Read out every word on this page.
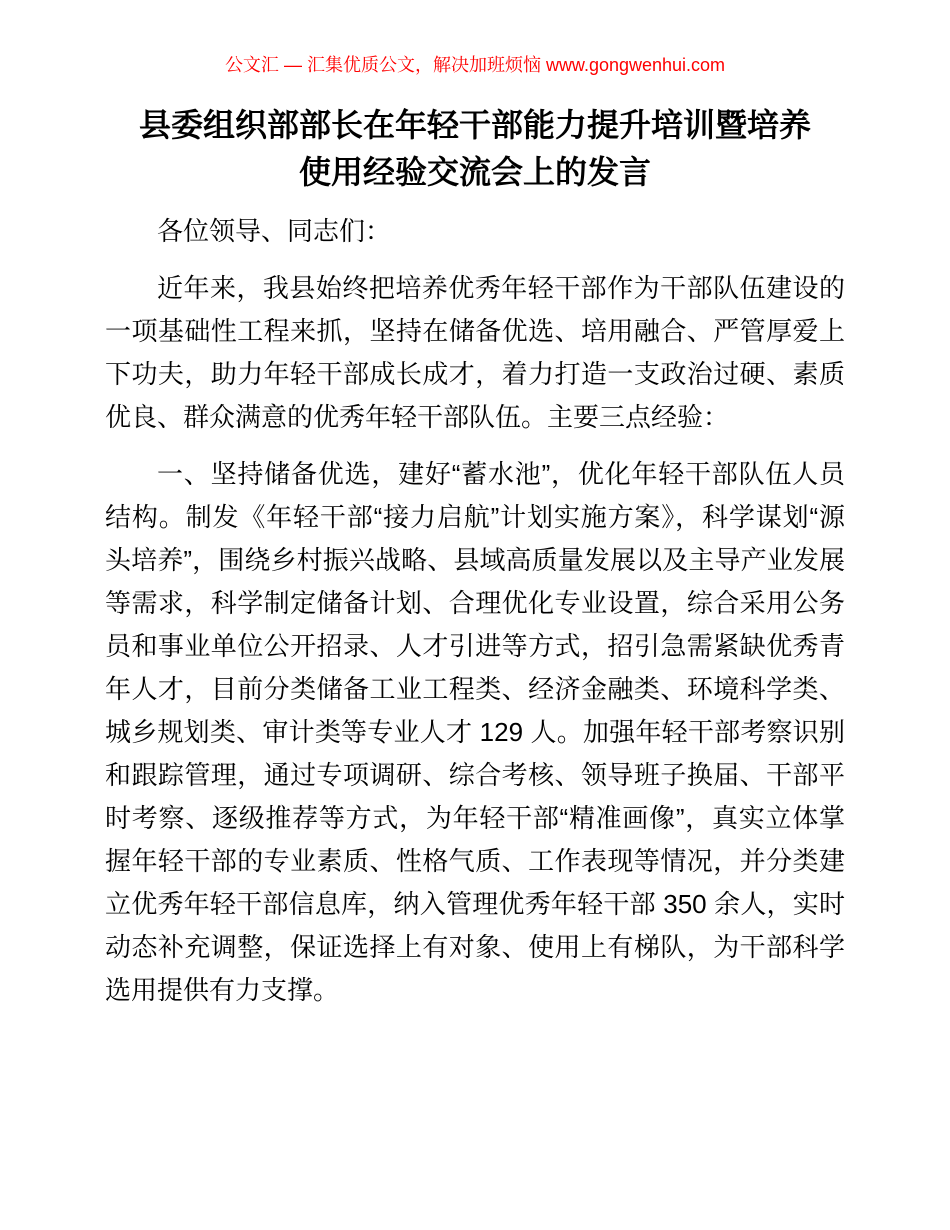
公文汇 — 汇集优质公文，解决加班烦恼 www.gongwenhui.com
县委组织部部长在年轻干部能力提升培训暨培养使用经验交流会上的发言

各位领导、同志们：

近年来，我县始终把培养优秀年轻干部作为干部队伍建设的一项基础性工程来抓，坚持在储备优选、培用融合、严管厚爱上下功夫，助力年轻干部成长成才，着力打造一支政治过硬、素质优良、群众满意的优秀年轻干部队伍。主要三点经验：

一、坚持储备优选，建好“蓄水池”，优化年轻干部队伍人员结构。制发《年轻干部“接力启航”计划实施方案》，科学谋划“源头培养”，围绕乡村振兴战略、县域高质量发展以及主导产业发展等需求，科学制定储备计划、合理优化专业设置，综合采用公务员和事业单位公开招录、人才引进等方式，招引急需紧缺优秀青年人才，目前分类储备工业工程类、经济金融类、环境科学类、城乡规划类、审计类等专业人才 129 人。加强年轻干部考察识别和跟踪管理，通过专项调研、综合考核、领导班子换届、干部平时考察、逐级推荐等方式，为年轻干部“精准画像”，真实立体掌握年轻干部的专业素质、性格气质、工作表现等情况，并分类建立优秀年轻干部信息库，纳入管理优秀年轻干部 350 余人，实时动态补充调整，保证选择上有对象、使用上有梯队，为干部科学选用提供有力支撑。
